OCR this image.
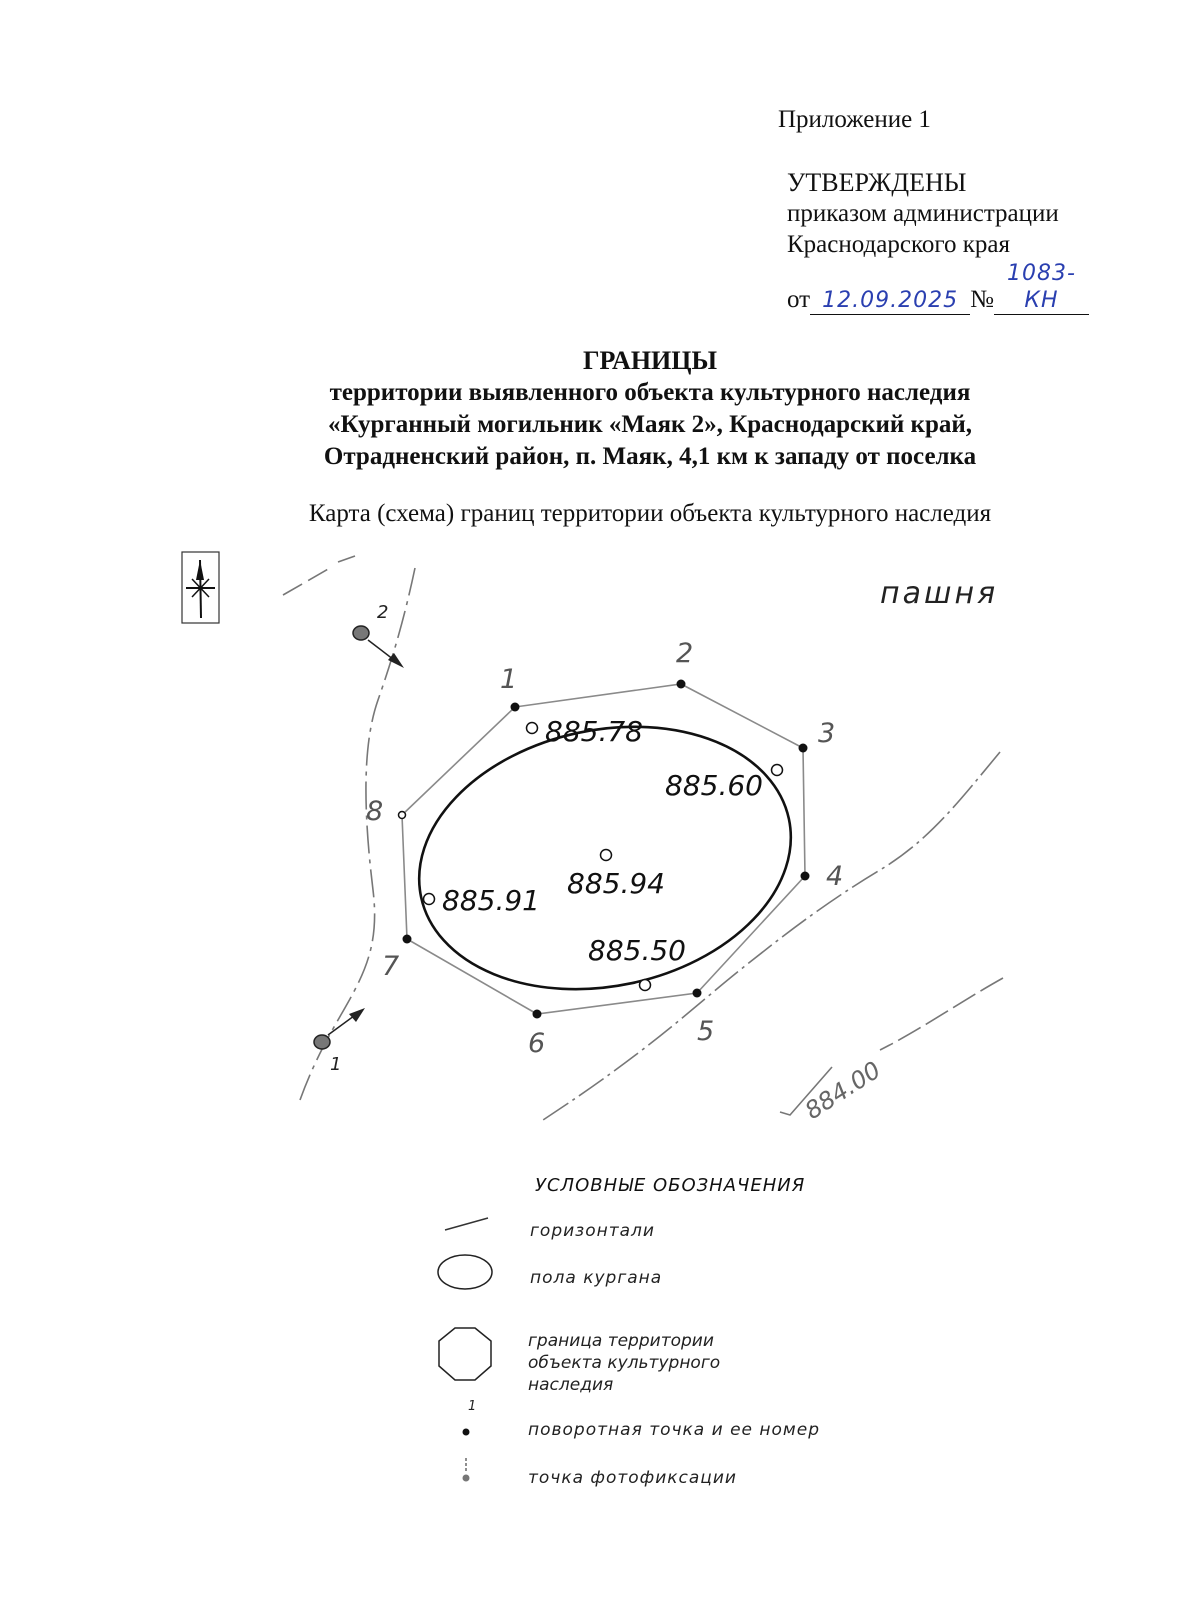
Приложение 1
УТВЕРЖДЕНЫ
приказом администрации
Краснодарского края
от 12.09.2025 №1083-КН
ГРАНИЦЫ
территории выявленного объекта культурного наследия
«Курганный могильник «Маяк 2», Краснодарский край,
Отрадненский район, п. Маяк, 4,1 км к западу от поселка
Карта (схема) границ территории объекта культурного наследия
884.00
пашня
1
2
3
4
5
6
7
8
885.78
885.60
885.94
885.91
885.50
2
1
УСЛОВНЫЕ ОБОЗНАЧЕНИЯ
1
горизонтали
пола кургана
граница территории
объекта культурного
наследия
поворотная точка и ее номер
точка фотофиксации
